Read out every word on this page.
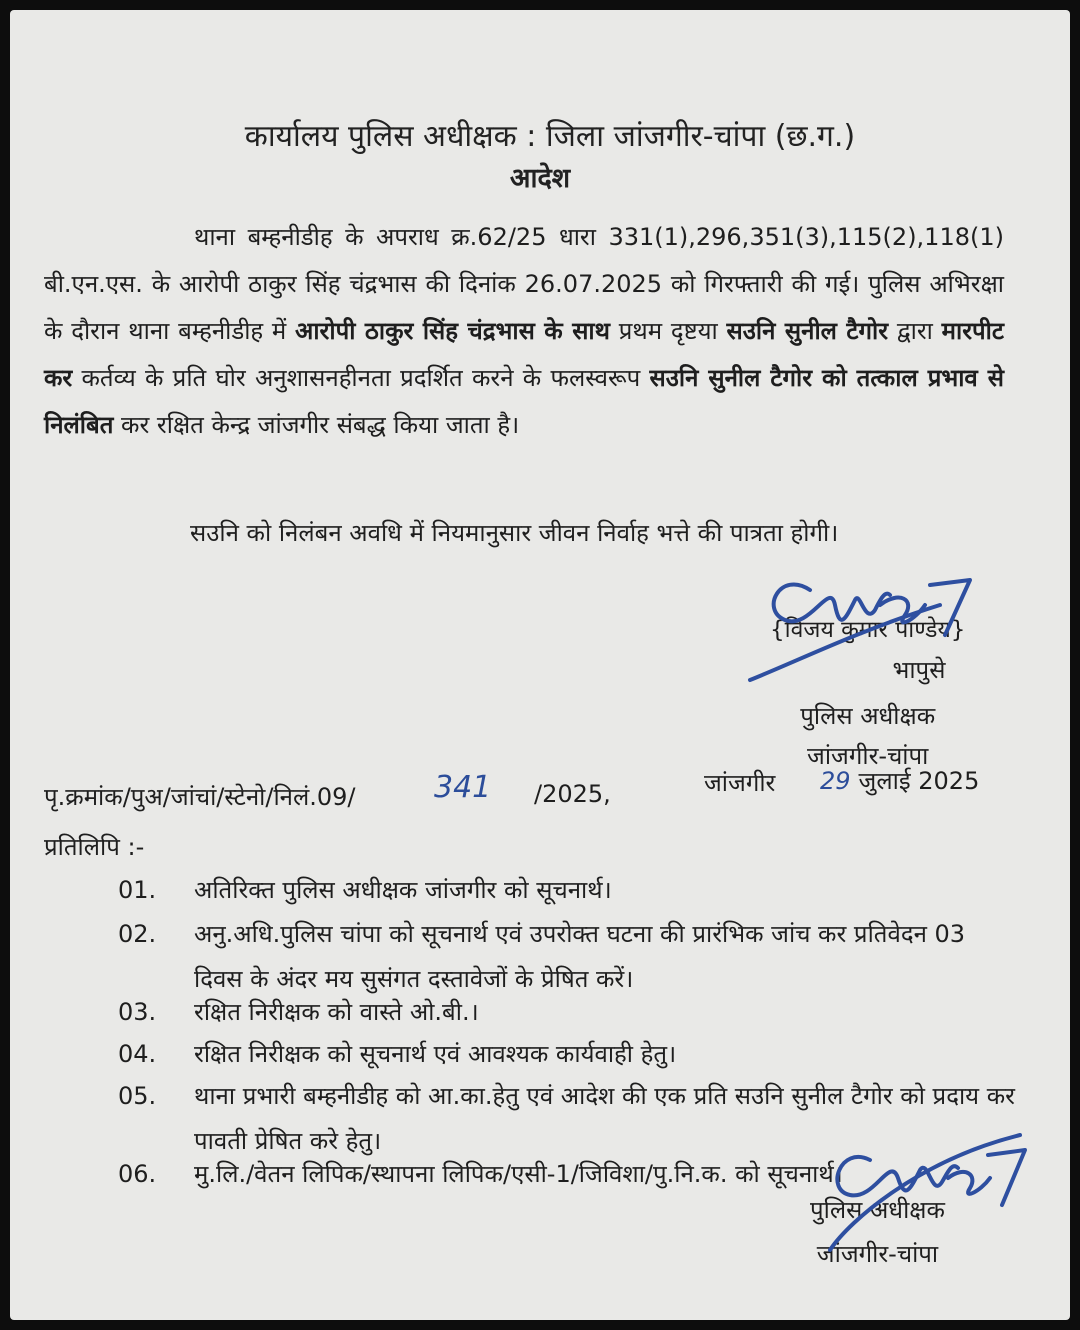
कार्यालय पुलिस अधीक्षक : जिला जांजगीर-चांपा (छ.ग.)
आदेश
थाना बम्हनीडीह के अपराध क्र.62/25 धारा 331(1),296,351(3),115(2),118(1) बी.एन.एस. के आरोपी ठाकुर सिंह चंद्रभास की दिनांक 26.07.2025 को गिरफ्तारी की गई। पुलिस अभिरक्षा के दौरान थाना बम्हनीडीह में आरोपी ठाकुर सिंह चंद्रभास के साथ प्रथम दृष्टया सउनि सुनील टैगोर द्वारा मारपीट कर कर्तव्य के प्रति घोर अनुशासनहीनता प्रदर्शित करने के फलस्वरूप सउनि सुनील टैगोर को तत्काल प्रभाव से निलंबित कर रक्षित केन्द्र जांजगीर संबद्ध किया जाता है।
सउनि को निलंबन अवधि में नियमानुसार जीवन निर्वाह भत्ते की पात्रता होगी।
{विजय कुमार पाण्डेय}
भापुसे
पुलिस अधीक्षक
जांजगीर-चांपा
पृ.क्रमांक/पुअ/जांचां/स्टेनो/निलं.09/	341 /2025,	जांजगीर 29 जुलाई 2025
प्रतिलिपि :-
01. अतिरिक्त पुलिस अधीक्षक जांजगीर को सूचनार्थ।
02. अनु.अधि.पुलिस चांपा को सूचनार्थ एवं उपरोक्त घटना की प्रारंभिक जांच कर प्रतिवेदन 03 दिवस के अंदर मय सुसंगत दस्तावेजों के प्रेषित करें।
03. रक्षित निरीक्षक को वास्ते ओ.बी.।
04. रक्षित निरीक्षक को सूचनार्थ एवं आवश्यक कार्यवाही हेतु।
05. थाना प्रभारी बम्हनीडीह को आ.का.हेतु एवं आदेश की एक प्रति सउनि सुनील टैगोर को प्रदाय कर पावती प्रेषित करे हेतु।
06. मु.लि./वेतन लिपिक/स्थापना लिपिक/एसी-1/जिविशा/पु.नि.क. को सूचनार्थ।
पुलिस अधीक्षक
जांजगीर-चांपा
